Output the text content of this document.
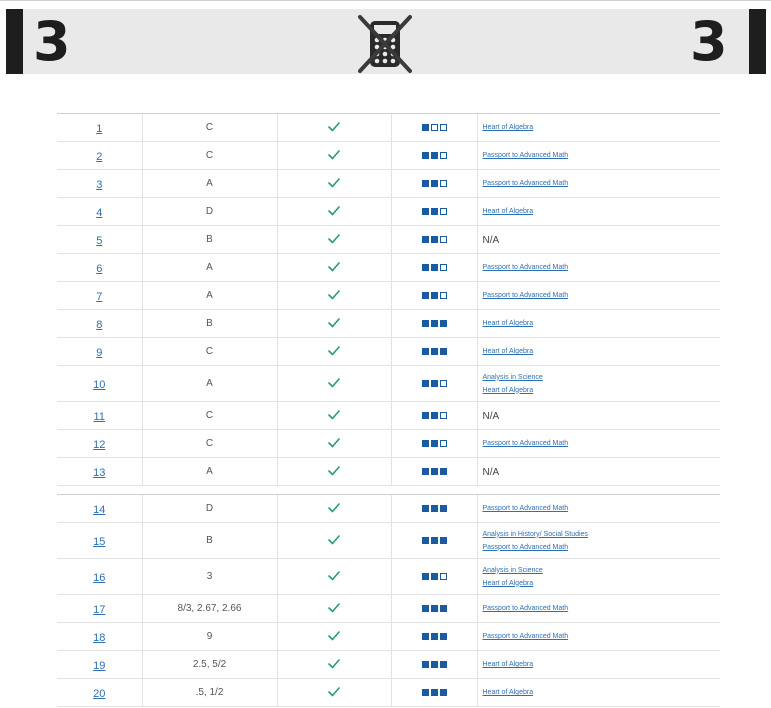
3	3
1	C			Heart of Algebra

2	C			Passport to Advanced Math

3	A			Passport to Advanced Math

4	D			Heart of Algebra

5	B			N/A
6	A			Passport to Advanced Math

7	A			Passport to Advanced Math

8	B			Heart of Algebra

9	C			Heart of Algebra

10	A			Analysis in Science
Heart of Algebra

11	C			N/A
12	C			Passport to Advanced Math

13	A			N/A
14	D			Passport to Advanced Math

15	B			Analysis in History/ Social Studies
Passport to Advanced Math

16	3			Analysis in Science
Heart of Algebra

17	8/3, 2.67, 2.66			Passport to Advanced Math

18	9			Passport to Advanced Math

19	2.5, 5/2			Heart of Algebra

20	.5, 1/2			Heart of Algebra
